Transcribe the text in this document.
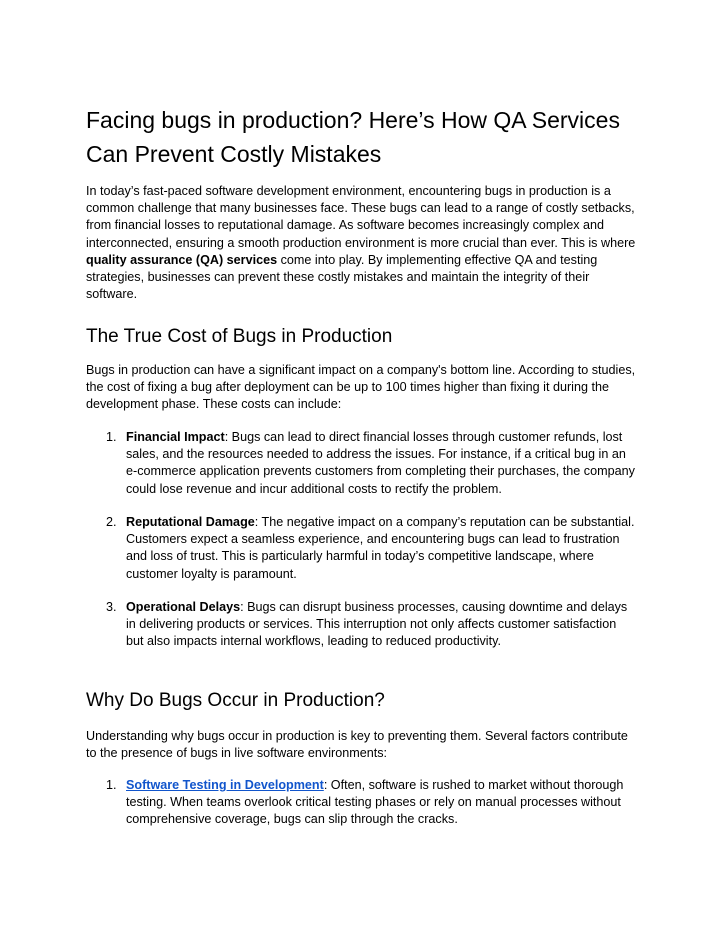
Facing bugs in production? Here’s How QA Services Can Prevent Costly Mistakes

In today’s fast-paced software development environment, encountering bugs in production is a common challenge that many businesses face. These bugs can lead to a range of costly setbacks, from financial losses to reputational damage. As software becomes increasingly complex and interconnected, ensuring a smooth production environment is more crucial than ever. This is where quality assurance (QA) services come into play. By implementing effective QA and testing strategies, businesses can prevent these costly mistakes and maintain the integrity of their software.

The True Cost of Bugs in Production

Bugs in production can have a significant impact on a company's bottom line. According to studies, the cost of fixing a bug after deployment can be up to 100 times higher than fixing it during the development phase. These costs can include:

1. Financial Impact: Bugs can lead to direct financial losses through customer refunds, lost sales, and the resources needed to address the issues. For instance, if a critical bug in an e-commerce application prevents customers from completing their purchases, the company could lose revenue and incur additional costs to rectify the problem.
2. Reputational Damage: The negative impact on a company’s reputation can be substantial. Customers expect a seamless experience, and encountering bugs can lead to frustration and loss of trust. This is particularly harmful in today’s competitive landscape, where customer loyalty is paramount.
3. Operational Delays: Bugs can disrupt business processes, causing downtime and delays in delivering products or services. This interruption not only affects customer satisfaction but also impacts internal workflows, leading to reduced productivity.
Why Do Bugs Occur in Production?

Understanding why bugs occur in production is key to preventing them. Several factors contribute to the presence of bugs in live software environments:

1. Software Testing in Development: Often, software is rushed to market without thorough testing. When teams overlook critical testing phases or rely on manual processes without comprehensive coverage, bugs can slip through the cracks.
